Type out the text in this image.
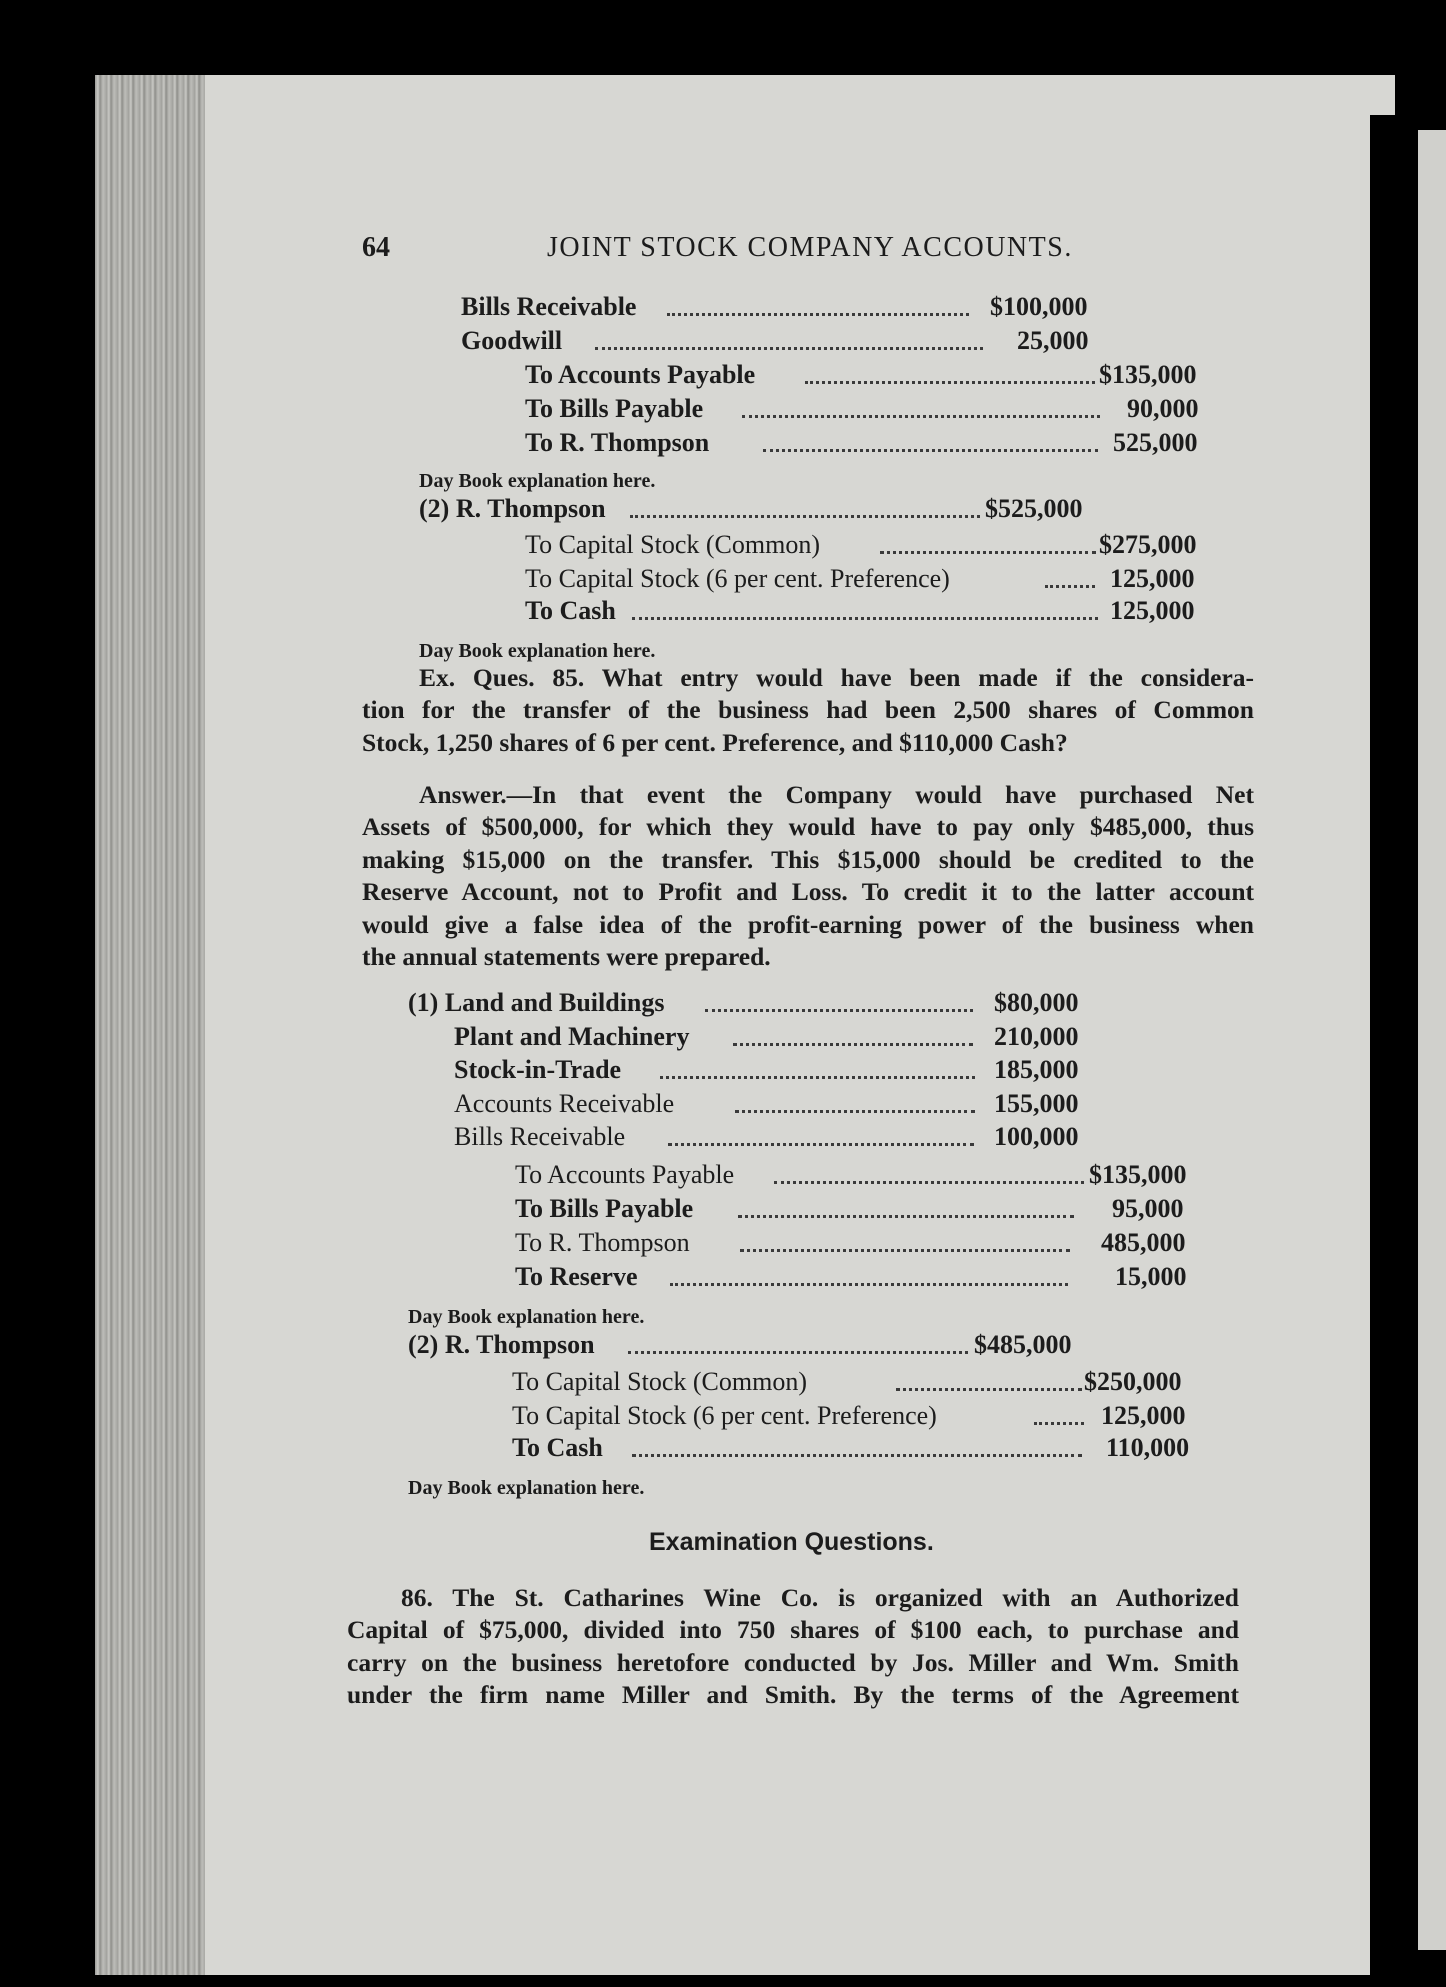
64	JOINT STOCK COMPANY ACCOUNTS.
Bills Receivable	$100,000
Goodwill	25,000
To Accounts Payable	$135,000
To Bills Payable	90,000
To R. Thompson	525,000
Day Book explanation here.
(2) R. Thompson	$525,000
To Capital Stock (Common)	$275,000
To Capital Stock (6 per cent. Preference)	125,000
To Cash	125,000
Day Book explanation here.
Ex. Ques. 85. What entry would have been made if the considera-
tion for the transfer of the business had been 2,500 shares of Common
Stock, 1,250 shares of 6 per cent. Preference, and $110,000 Cash?
Answer.—In that event the Company would have purchased Net
Assets of $500,000, for which they would have to pay only $485,000, thus
making $15,000 on the transfer. This $15,000 should be credited to the
Reserve Account, not to Profit and Loss. To credit it to the latter account
would give a false idea of the profit-earning power of the business when
the annual statements were prepared.
(1) Land and Buildings	$80,000
Plant and Machinery	210,000
Stock-in-Trade	185,000
Accounts Receivable	155,000
Bills Receivable	100,000
To Accounts Payable	$135,000
To Bills Payable	95,000
To R. Thompson	485,000
To Reserve	15,000
Day Book explanation here.
(2) R. Thompson	$485,000
To Capital Stock (Common)	$250,000
To Capital Stock (6 per cent. Preference)	125,000
To Cash	110,000
Day Book explanation here.
Examination Questions.
86. The St. Catharines Wine Co. is organized with an Authorized
Capital of $75,000, divided into 750 shares of $100 each, to purchase and
carry on the business heretofore conducted by Jos. Miller and Wm. Smith
under the firm name Miller and Smith. By the terms of the Agreement
